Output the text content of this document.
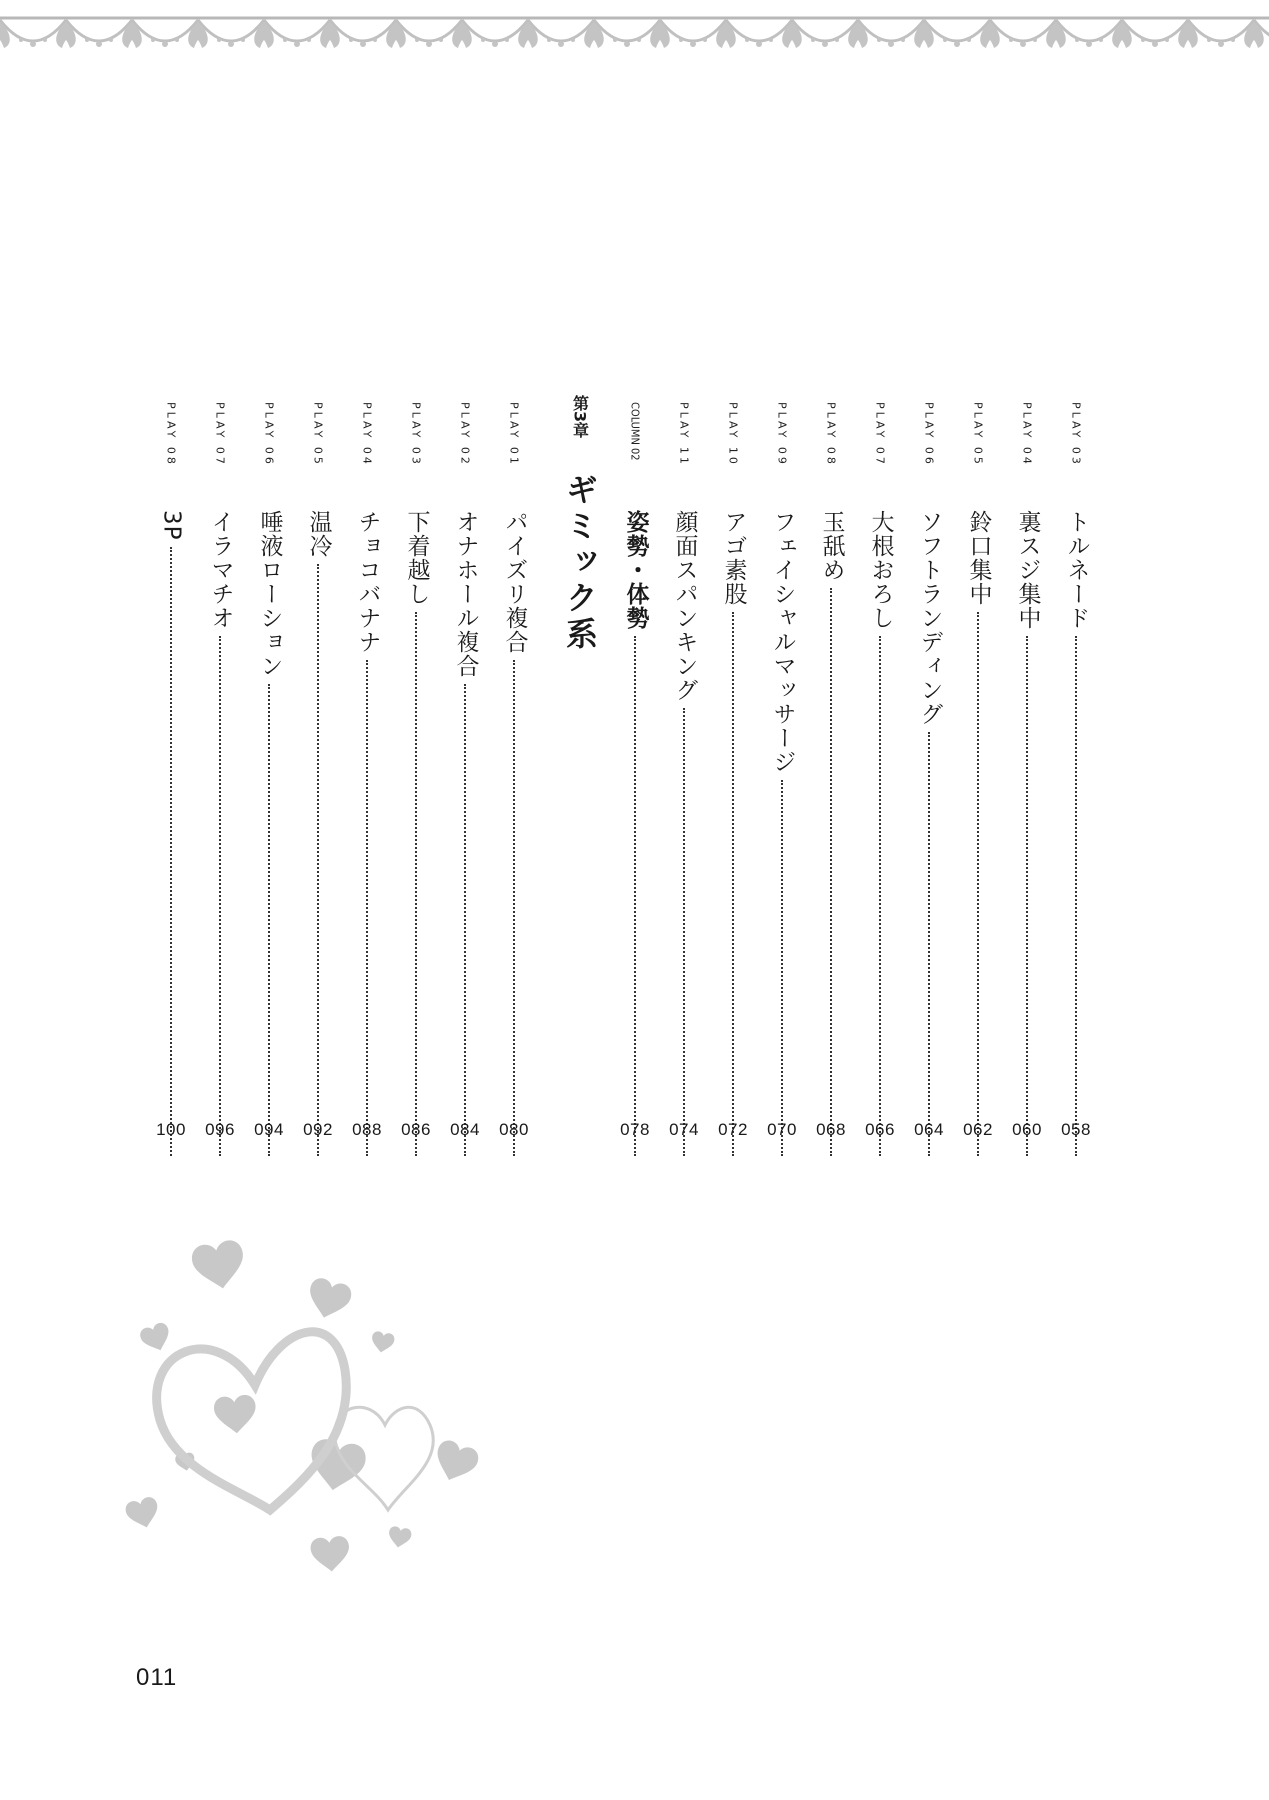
PLAY 03
トルネード
PLAY 04
裏スジ集中
PLAY 05
鈴口集中
PLAY 06
ソフトランディング
PLAY 07
大根おろし
PLAY 08
玉舐め
PLAY 09
フェイシャルマッサージ
PLAY 10
アゴ素股
PLAY 11
顔面スパンキング
COLUMN 02
姿勢・体勢
第3章
ギミック系
PLAY 01
パイズリ複合
PLAY 02
オナホール複合
PLAY 03
下着越し
PLAY 04
チョコバナナ
PLAY 05
温冷
PLAY 06
唾液ローション
PLAY 07
イラマチオ
PLAY 08
3P
058
060
062
064
066
068
070
072
074
078
080
084
086
088
092
094
096
100
011
